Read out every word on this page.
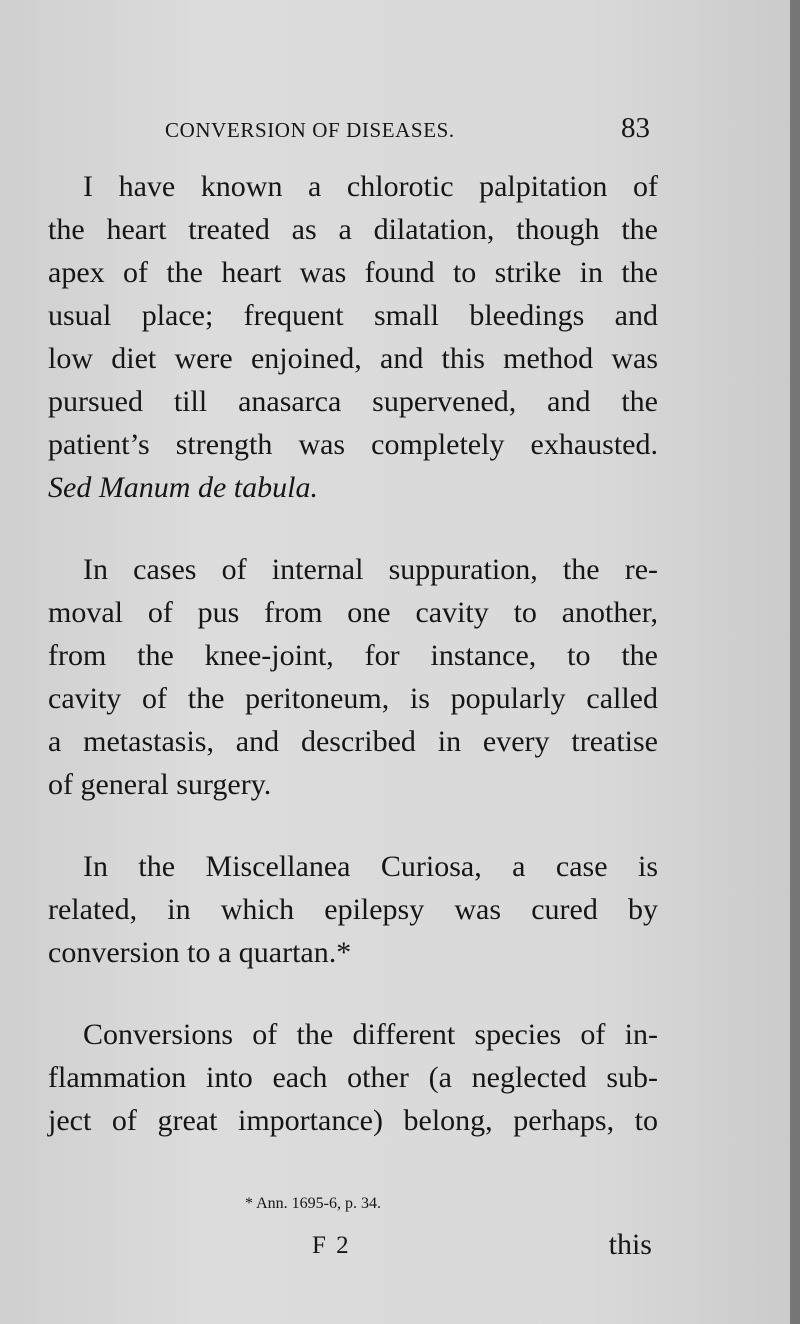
CONVERSION OF DISEASES.	83

I have known a chlorotic palpitation of
the heart treated as a dilatation, though the
apex of the heart was found to strike in the
usual place; frequent small bleedings and
low diet were enjoined, and this method was
pursued till anasarca supervened, and the
patient’s strength was completely exhausted.
Sed Manum de tabula.

In cases of internal suppuration, the re-
moval of pus from one cavity to another,
from the knee-joint, for instance, to the
cavity of the peritoneum, is popularly called
a metastasis, and described in every treatise
of general surgery.

In the Miscellanea Curiosa, a case is
related, in which epilepsy was cured by
conversion to a quartan.*

Conversions of the different species of in-
flammation into each other (a neglected sub-
ject of great importance) belong, perhaps, to

* Ann. 1695-6, p. 34.
F 2	this
